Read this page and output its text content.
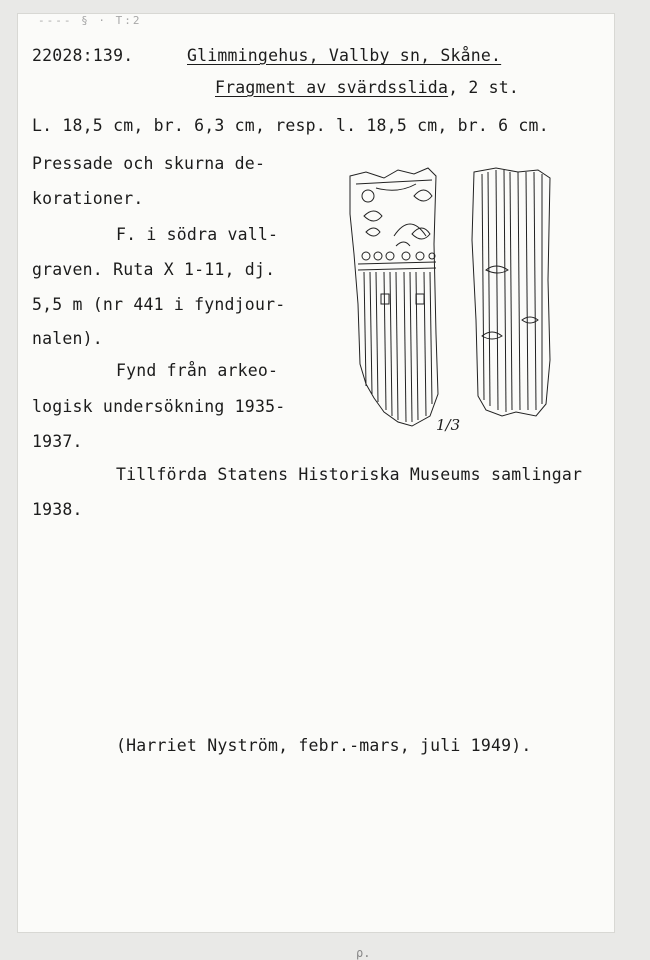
---- § · T:2
22028:139.	Glimmingehus, Vallby sn, Skåne.
Fragment av svärdsslida, 2 st.
L. 18,5 cm, br. 6,3 cm, resp. l. 18,5 cm, br. 6 cm.
Pressade och skurna de-
korationer.
F. i södra vall-
graven. Ruta X 1-11, dj.
5,5 m (nr 441 i fyndjour-
nalen).
Fynd från arkeo-
logisk undersökning 1935-
1937.
Tillförda Statens Historiska Museums samlingar
1938.
1/3
(Harriet Nyström, febr.-mars, juli 1949).
ρ.
